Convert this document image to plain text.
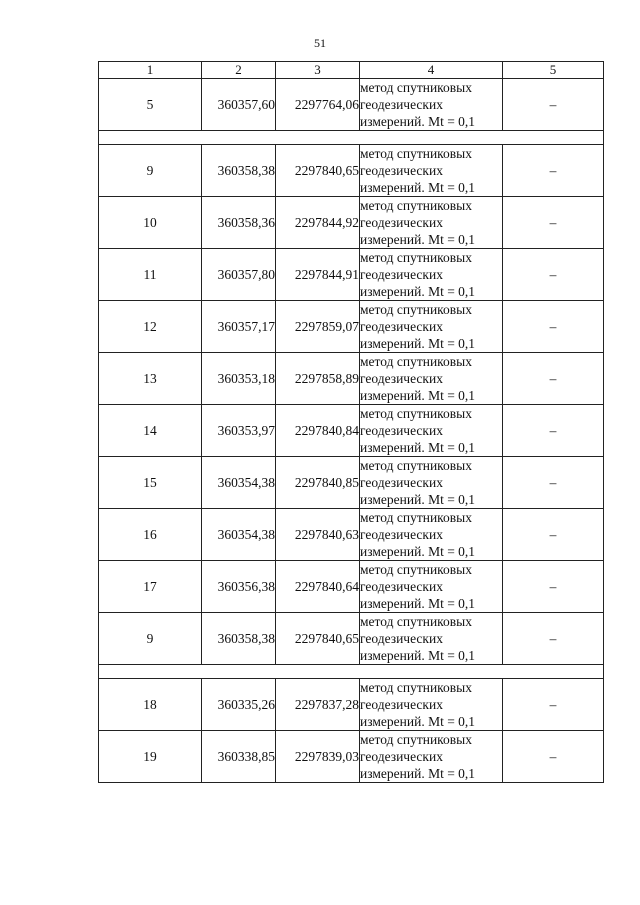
51
1	2	3	4	5
5	360357,60	2297764,06	метод спутниковых
геодезических
измерений. Mt = 0,1	–

9	360358,38	2297840,65	метод спутниковых
геодезических
измерений. Mt = 0,1	–
10	360358,36	2297844,92	метод спутниковых
геодезических
измерений. Mt = 0,1	–
11	360357,80	2297844,91	метод спутниковых
геодезических
измерений. Mt = 0,1	–
12	360357,17	2297859,07	метод спутниковых
геодезических
измерений. Mt = 0,1	–
13	360353,18	2297858,89	метод спутниковых
геодезических
измерений. Mt = 0,1	–
14	360353,97	2297840,84	метод спутниковых
геодезических
измерений. Mt = 0,1	–
15	360354,38	2297840,85	метод спутниковых
геодезических
измерений. Mt = 0,1	–
16	360354,38	2297840,63	метод спутниковых
геодезических
измерений. Mt = 0,1	–
17	360356,38	2297840,64	метод спутниковых
геодезических
измерений. Mt = 0,1	–
9	360358,38	2297840,65	метод спутниковых
геодезических
измерений. Mt = 0,1	–

18	360335,26	2297837,28	метод спутниковых
геодезических
измерений. Mt = 0,1	–
19	360338,85	2297839,03	метод спутниковых
геодезических
измерений. Mt = 0,1	–
